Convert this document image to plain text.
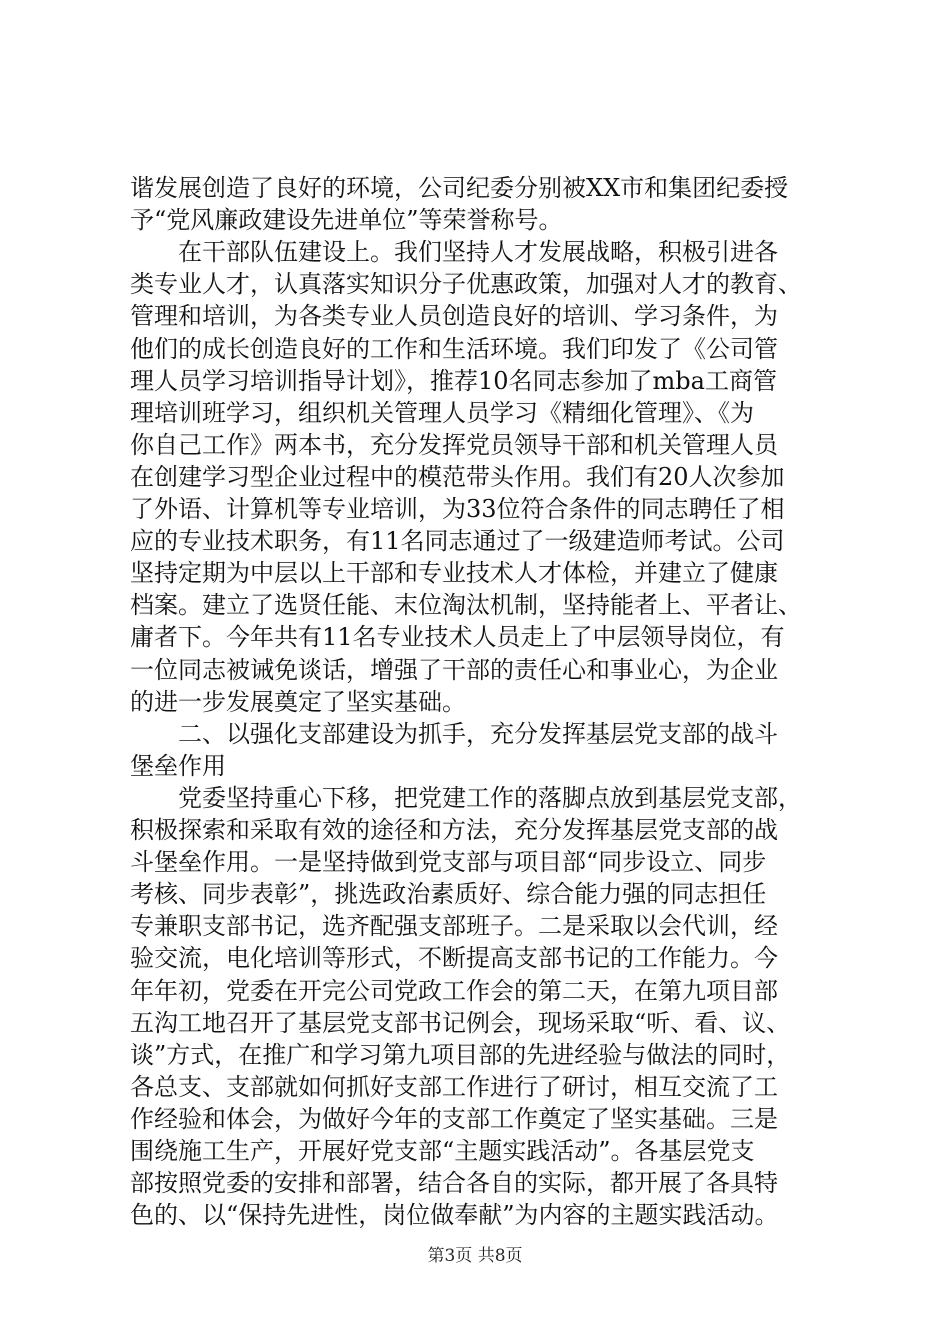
谐发展创造了良好的环境，公司纪委分别被XX市和集团纪委授
予“党风廉政建设先进单位”等荣誉称号。
　　在干部队伍建设上。我们坚持人才发展战略，积极引进各
类专业人才，认真落实知识分子优惠政策，加强对人才的教育、
管理和培训，为各类专业人员创造良好的培训、学习条件，为
他们的成长创造良好的工作和生活环境。我们印发了《公司管
理人员学习培训指导计划》，推荐10名同志参加了mba工商管
理培训班学习，组织机关管理人员学习《精细化管理》、《为
你自己工作》两本书，充分发挥党员领导干部和机关管理人员
在创建学习型企业过程中的模范带头作用。我们有20人次参加
了外语、计算机等专业培训，为33位符合条件的同志聘任了相
应的专业技术职务，有11名同志通过了一级建造师考试。公司
坚持定期为中层以上干部和专业技术人才体检，并建立了健康
档案。建立了选贤任能、末位淘汰机制，坚持能者上、平者让、
庸者下。今年共有11名专业技术人员走上了中层领导岗位，有
一位同志被诫免谈话，增强了干部的责任心和事业心，为企业
的进一步发展奠定了坚实基础。
　　二、以强化支部建设为抓手，充分发挥基层党支部的战斗
堡垒作用
　　党委坚持重心下移，把党建工作的落脚点放到基层党支部，
积极探索和采取有效的途径和方法，充分发挥基层党支部的战
斗堡垒作用。一是坚持做到党支部与项目部“同步设立、同步
考核、同步表彰”，挑选政治素质好、综合能力强的同志担任
专兼职支部书记，选齐配强支部班子。二是采取以会代训，经
验交流，电化培训等形式，不断提高支部书记的工作能力。今
年年初，党委在开完公司党政工作会的第二天，在第九项目部
五沟工地召开了基层党支部书记例会，现场采取“听、看、议、
谈”方式，在推广和学习第九项目部的先进经验与做法的同时，
各总支、支部就如何抓好支部工作进行了研讨，相互交流了工
作经验和体会，为做好今年的支部工作奠定了坚实基础。三是
围绕施工生产，开展好党支部“主题实践活动”。各基层党支
部按照党委的安排和部署，结合各自的实际，都开展了各具特
色的、以“保持先进性，岗位做奉献”为内容的主题实践活动。
第3页 共8页
